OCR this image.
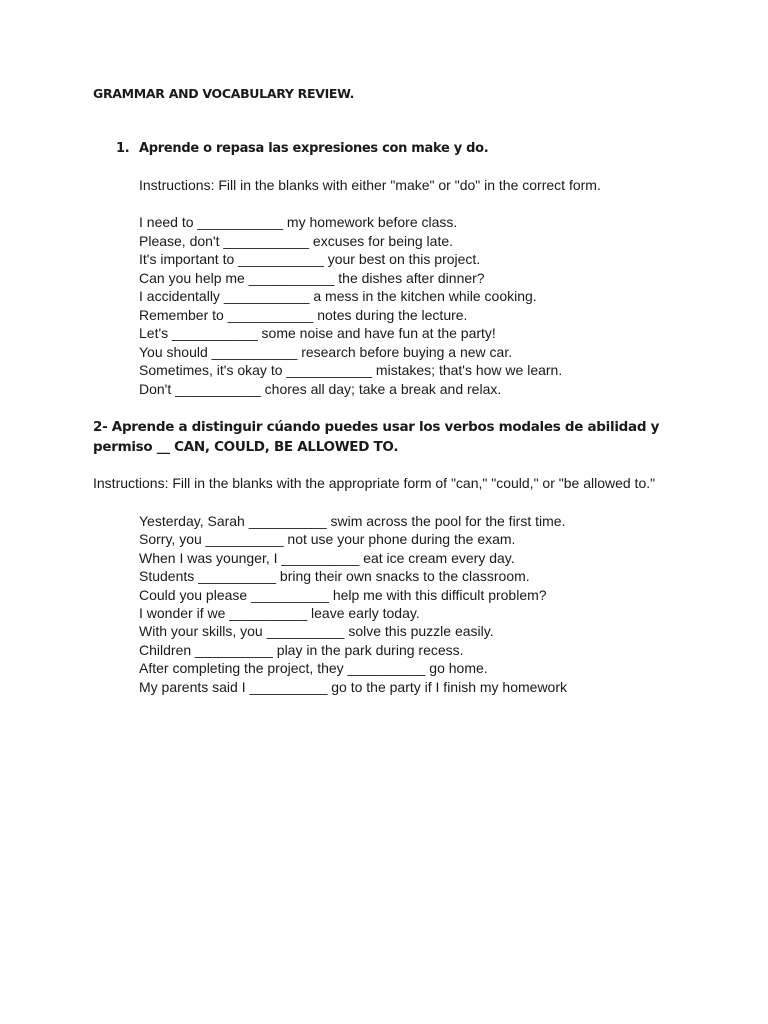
GRAMMAR AND VOCABULARY REVIEW.
1. Aprende o repasa las expresiones con make y do.
Instructions: Fill in the blanks with either "make" or "do" in the correct form.
I need to ___________ my homework before class.
Please, don't ___________ excuses for being late.
It's important to ___________ your best on this project.
Can you help me ___________ the dishes after dinner?
I accidentally ___________ a mess in the kitchen while cooking.
Remember to ___________ notes during the lecture.
Let's ___________ some noise and have fun at the party!
You should ___________ research before buying a new car.
Sometimes, it's okay to ___________ mistakes; that's how we learn.
Don't ___________ chores all day; take a break and relax.
2- Aprende a distinguir cúando puedes usar los verbos modales de abilidad y permiso __ CAN, COULD, BE ALLOWED TO.
Instructions: Fill in the blanks with the appropriate form of "can," "could," or "be allowed to."
Yesterday, Sarah __________ swim across the pool for the first time.
Sorry, you __________ not use your phone during the exam.
When I was younger, I __________ eat ice cream every day.
Students __________ bring their own snacks to the classroom.
Could you please __________ help me with this difficult problem?
I wonder if we __________ leave early today.
With your skills, you __________ solve this puzzle easily.
Children __________ play in the park during recess.
After completing the project, they __________ go home.
My parents said I __________ go to the party if I finish my homework
